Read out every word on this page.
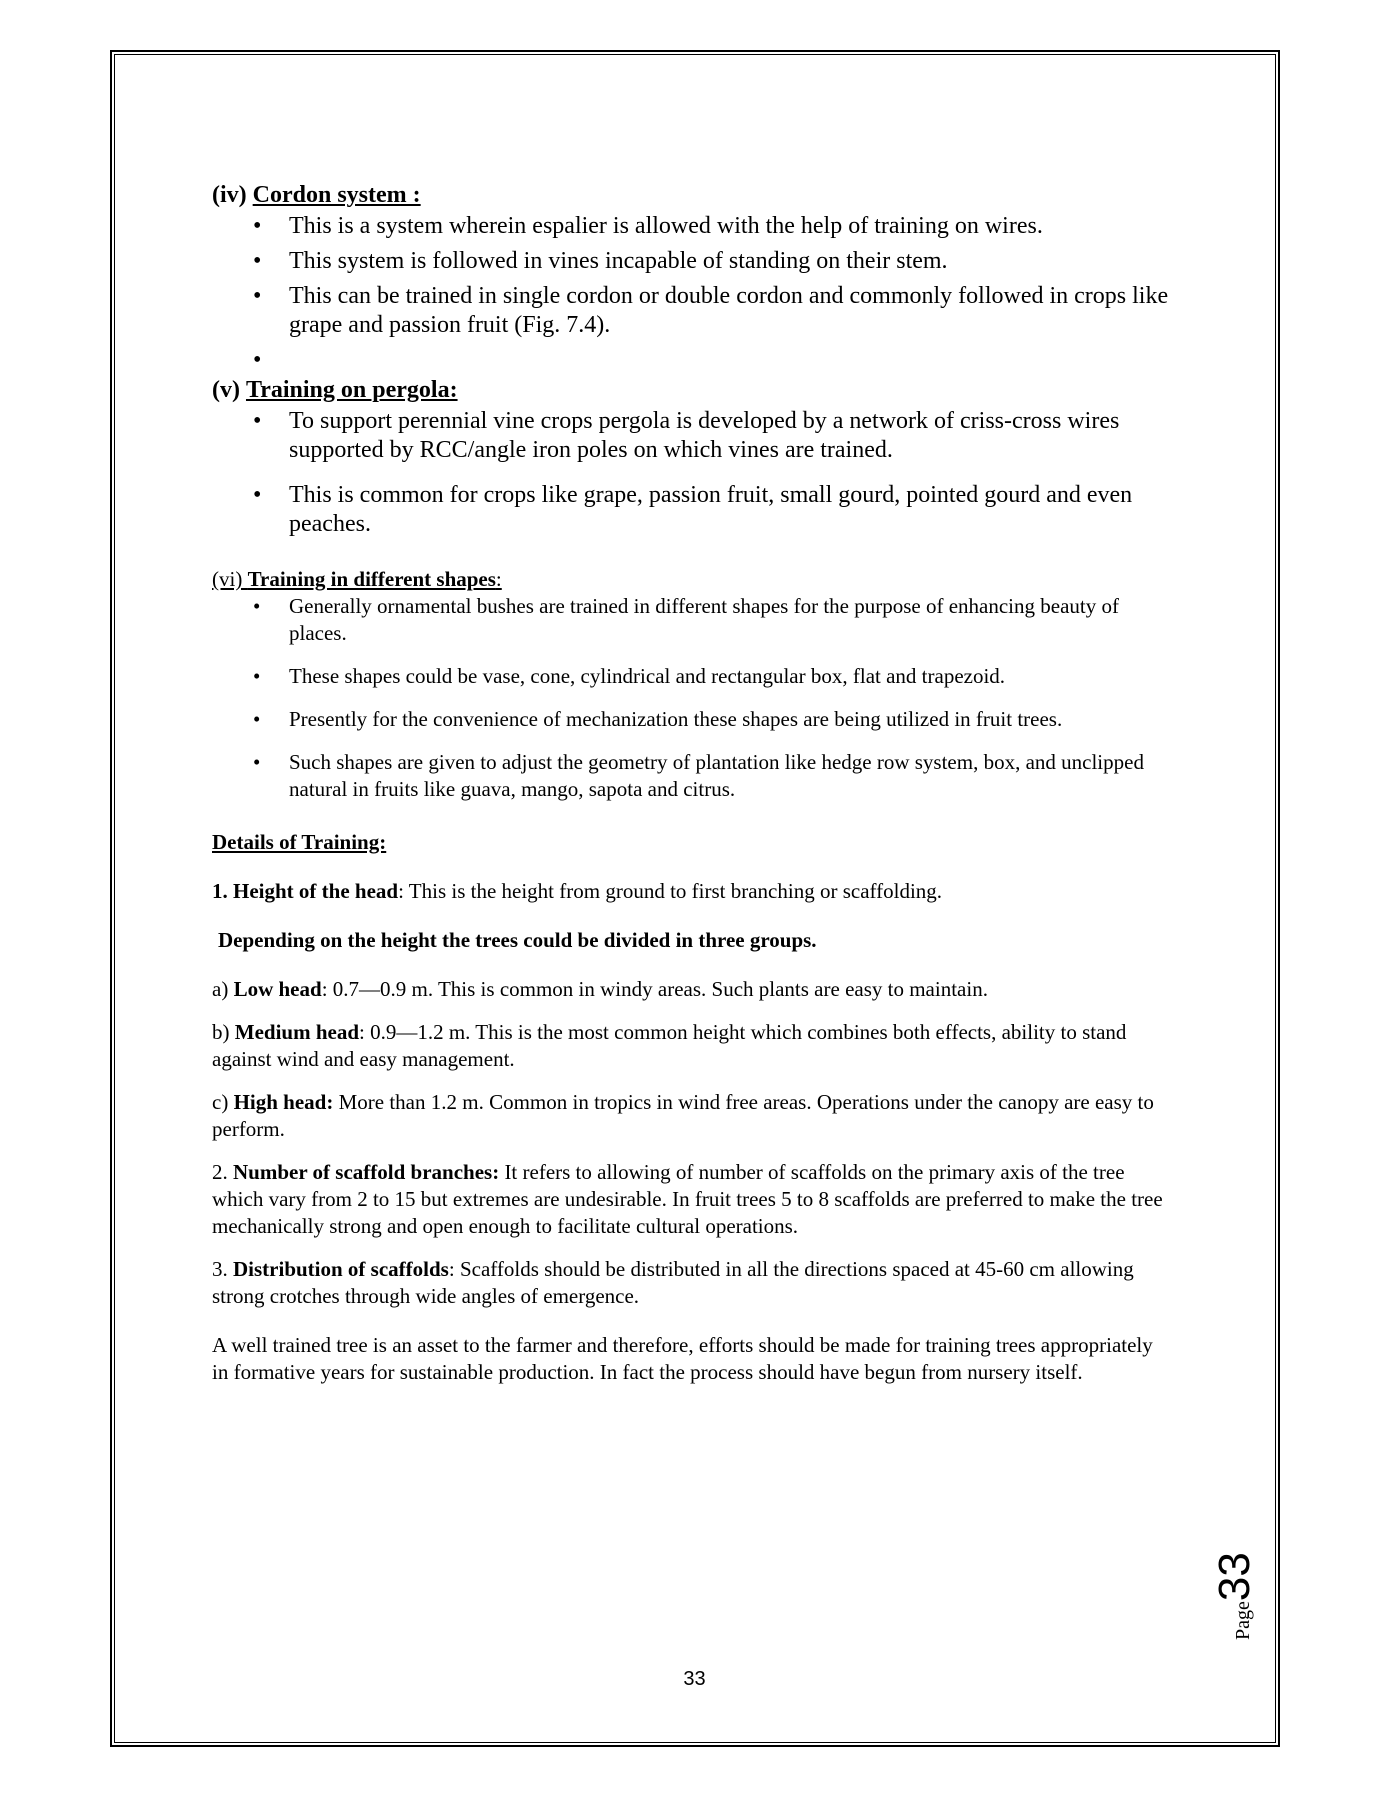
(iv) Cordon system :
• This is a system wherein espalier is allowed with the help of training on wires.
• This system is followed in vines incapable of standing on their stem.
• This can be trained in single cordon or double cordon and commonly followed in crops like grape and passion fruit (Fig. 7.4).
•
(v) Training on pergola:
• To support perennial vine crops pergola is developed by a network of criss-cross wires supported by RCC/angle iron poles on which vines are trained.
• This is common for crops like grape, passion fruit, small gourd, pointed gourd and even peaches.
(vi) Training in different shapes:
• Generally ornamental bushes are trained in different shapes for the purpose of enhancing beauty of places.
• These shapes could be vase, cone, cylindrical and rectangular box, flat and trapezoid.
• Presently for the convenience of mechanization these shapes are being utilized in fruit trees.
• Such shapes are given to adjust the geometry of plantation like hedge row system, box, and unclipped natural in fruits like guava, mango, sapota and citrus.

Details of Training:

1. Height of the head: This is the height from ground to first branching or scaffolding.

Depending on the height the trees could be divided in three groups.

a) Low head: 0.7—0.9 m. This is common in windy areas. Such plants are easy to maintain.

b) Medium head: 0.9—1.2 m. This is the most common height which combines both effects, ability to stand against wind and easy management.

c) High head: More than 1.2 m. Common in tropics in wind free areas. Operations under the canopy are easy to perform.

2. Number of scaffold branches: It refers to allowing of number of scaffolds on the primary axis of the tree which vary from 2 to 15 but extremes are undesirable. In fruit trees 5 to 8 scaffolds are preferred to make the tree mechanically strong and open enough to facilitate cultural operations.

3. Distribution of scaffolds: Scaffolds should be distributed in all the directions spaced at 45-60 cm allowing strong crotches through wide angles of emergence.

A well trained tree is an asset to the farmer and therefore, efforts should be made for training trees appropriately in formative years for sustainable production. In fact the process should have begun from nursery itself.

33
Page33
